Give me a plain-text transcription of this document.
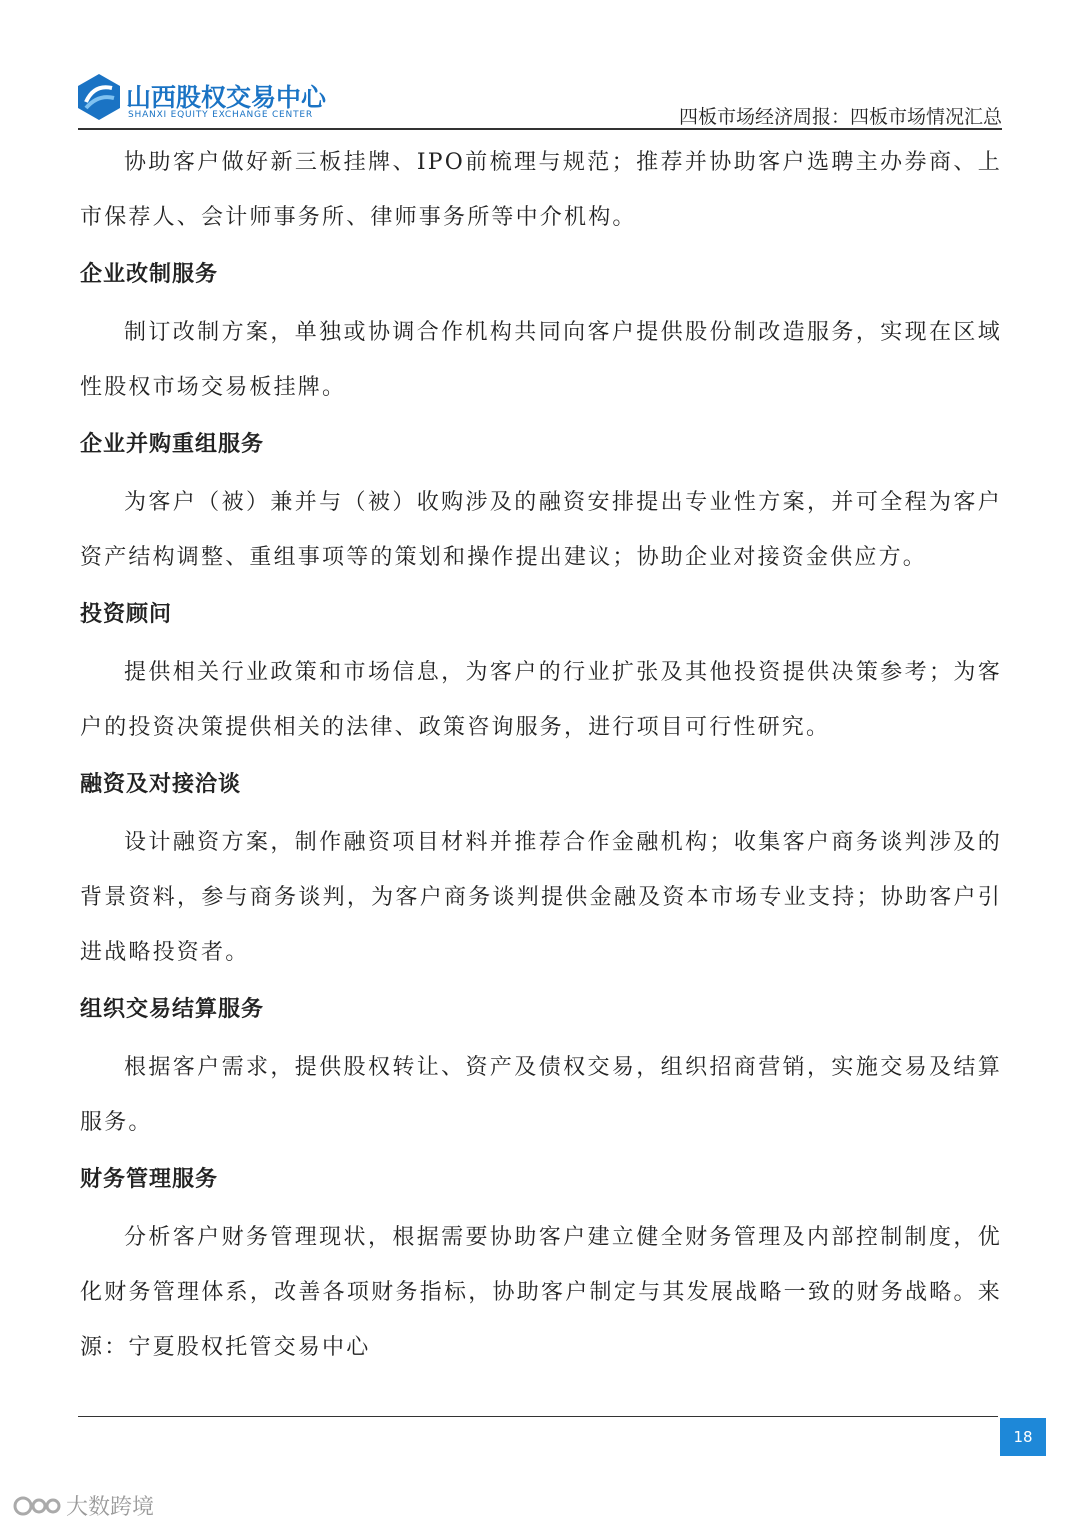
山西股权交易中心
SHANXI EQUITY EXCHANGE CENTER	四板市场经济周报：四板市场情况汇总

协助客户做好新三板挂牌、IPO前梳理与规范；推荐并协助客户选聘主办券商、上市保荐人、会计师事务所、律师事务所等中介机构。

企业改制服务

制订改制方案，单独或协调合作机构共同向客户提供股份制改造服务，实现在区域性股权市场交易板挂牌。

企业并购重组服务

为客户（被）兼并与（被）收购涉及的融资安排提出专业性方案，并可全程为客户资产结构调整、重组事项等的策划和操作提出建议；协助企业对接资金供应方。

投资顾问

提供相关行业政策和市场信息，为客户的行业扩张及其他投资提供决策参考；为客户的投资决策提供相关的法律、政策咨询服务，进行项目可行性研究。

融资及对接洽谈

设计融资方案，制作融资项目材料并推荐合作金融机构；收集客户商务谈判涉及的背景资料，参与商务谈判，为客户商务谈判提供金融及资本市场专业支持；协助客户引进战略投资者。

组织交易结算服务

根据客户需求，提供股权转让、资产及债权交易，组织招商营销，实施交易及结算服务。

财务管理服务

分析客户财务管理现状，根据需要协助客户建立健全财务管理及内部控制制度，优化财务管理体系，改善各项财务指标，协助客户制定与其发展战略一致的财务战略。来源：宁夏股权托管交易中心

18
大数跨境
